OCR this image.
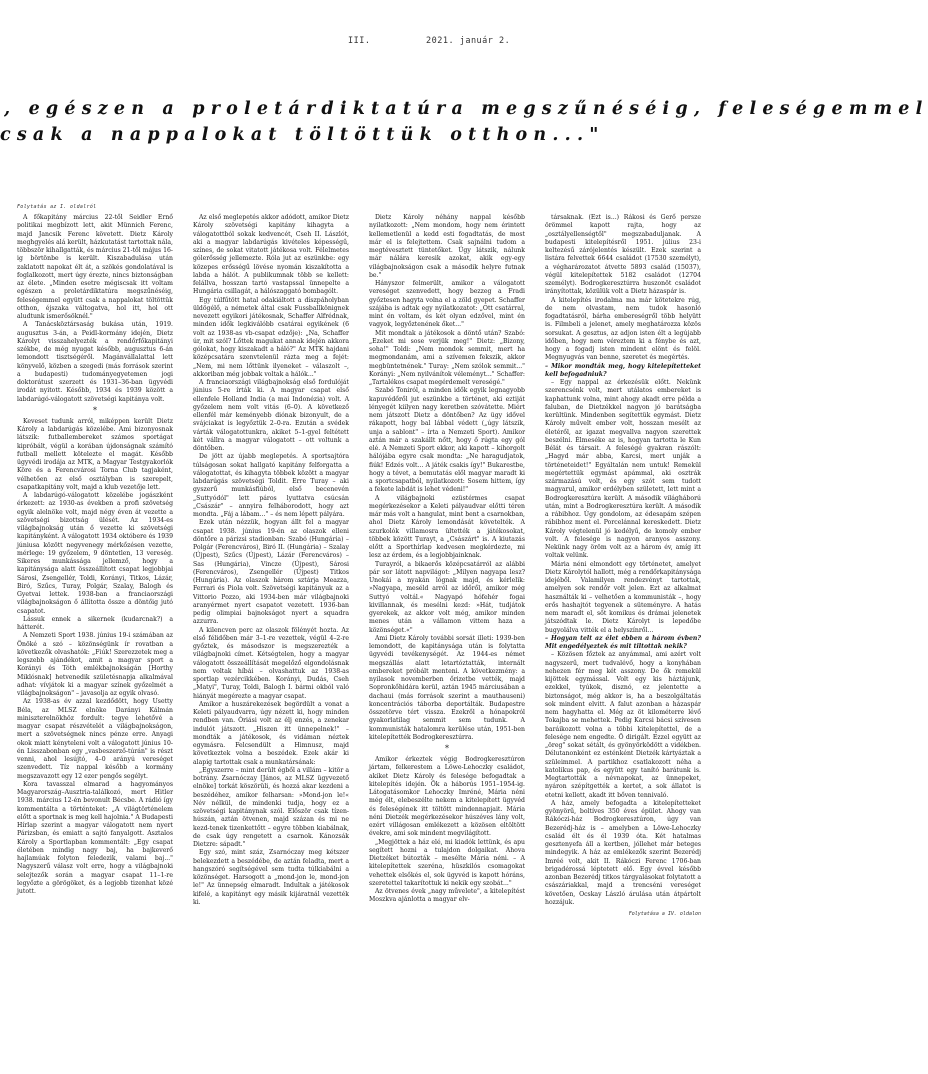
III.	2021. január 2.
, egészen a proletárdiktatúra megszűnéséig, feleségemmel
csak a nappalokat töltöttük otthon..."
Folytatás az I. oldalról

A főkapitány március 22-től Seidler Ernő politikai megbízott lett, akit Münnich Ferenc, majd Jancsik Ferenc követett. Dietz Károly meghgyelés alá került, házkutatást tartottak nála, többször kihallgatták, és március 21-től május 16-ig börtönbe is került. Kiszabadulása után zaklatott napokat élt át, a szökés gondolatával is foglalkozott, mert úgy érezte, nincs biztonságban az élete. „Minden esetre mégiscsak itt voltam egészen a proletárdiktatúra megszűnéséig, feleségemmel együtt csak a nappalokat töltöttük otthon, éjszaka váltogatva, hol itt, hol ott aludtunk ismerősöknél."

A Tanácsköztársaság bukása után, 1919. augusztus 3-án, a Peidl-kormány idején, Dietz Károlyt visszahelyezték a rendőrfőkapitányi székbe, de még nyugat később, augusztus 6-án lemondott tisztségéről. Magánvállalattal lett könyvelő, közben a szegedi (más források szerint a budapesti) tudományegyetemen jogi doktorátust szerzett és 1931–36-ban ügyvédi irodát nyitott. Később, 1934 és 1939 között a labdarúgó-válogatott szövetségi kapitánya volt.

*

Keveset tudunk arról, miképpen került Dietz Károly a labdarúgás közelébe. Ami bizonyosnak látszik: futballembereket számos sportágat kipróbált, végül a korában újdonságnak számító futball mellett kötelezte el magát. Később ügyvédi irodája az MTK, a Magyar Testgyakorlók Köre és a Ferencvárosi Torna Club tagjaként, vélhetően az első osztályban is szerepelt, csapatkapitány volt, majd a klub vezetője lett.

A labdarúgó-válogatott közelébe jogászként érkezett: az 1930-as években a profi szövetség egyik alelnöke volt, majd négy éven át vezette a szövetségi bizottság ülését. Az 1934-es világbajnokság után ő vezette ki szövetségi kapitányként. A válogatott 1934 októbere és 1939 júniusa között negyvenegy mérkőzésen vezette, mérlege: 19 győzelem, 9 döntetlen, 13 vereség. Sikeres munkássága jellemző, hogy a kapitánysága alatt összeállított csapat legjobbjai Sárosi, Zsengellér, Toldi, Korányi, Titkos, Lázár, Biró, Szűcs, Turay, Polgár, Szalay, Balogh és Gyetvai lettek. 1938-ban a franciaországi világbajnokságon ő állította össze a döntőig jutó csapatot.

Lássuk ennek a sikernek (kudarcnak?) a hátterét.

A Nemzeti Sport 1938. június 19-i számában az Önöké a szó – közönségünk ír rovatban a következők olvashatók: „Fiúk! Szerezzetek meg a legszebb ajándékot, amit a magyar sport a Korányi és Tóth emlékbajnokságán [Horthy Miklósnak] hetvenedik születésnapja alkalmával adhat: vívjátok ki a magyar színek győzelmét a világbajnokságon" – javasolja az egyik olvasó.

Az 1938-as év azzal kezdődött, hogy Usetty Béla, az MLSZ elnöke Darányi Kálmán miniszterelnökhöz fordult: tegye lehetővé a magyar csapat részvételét a világbajnokságon, mert a szövetségnek nincs pénze erre. Anyagi okok miatt kényteleni volt a válogatott június 10-én Lisszabonban egy „vasbeszerző-túrán" is részt venni, ahol lesújtó, 4–0 arányú vereséget szenvedett. Tíz nappal később a kormány megszavazott egy 12 ezer pengős segélyt.

Kora tavasszal elmarad a hagyományos Magyarország–Ausztria-találkozó, mert Hitler 1938. március 12-én bevonult Bécsbe. A rádió így kommentálta a történteket: „A világtörténelem előtt a sportnak is meg kell hajolnia." A Budapesti Hírlap szerint a magyar válogatott nem nyert Párizsban, és emiatt a sajtó fanyalgott. Asztalos Károly a Sportlapban kommentált: „Egy csapat életében mindig nagy baj, ha bajkeverő hajlamúak folyton feledezik, valami baj..." Nagyszerű válasz volt erre, hogy a világbajnoki selejtezők során a magyar csapat 11–1-re legyőzte a görögöket, és a legjobb tizenhat közé jutott.

Az első meglepetés akkor adódott, amikor Dietz Károly szövetségi kapitány kihagyta a válogatottból sokak kedvencét, Cseh II. Lászlót, aki a magyar labdarúgás kivételes képességű, színes, de sokat vitatott játékosa volt. Félelmetes gólerősség jellemezte. Róla jut az eszünkbe: egy közepes erősségű lövése nyomán kiszakította a labda a hálót. A publikumnak több se kellett: felállva, hosszan tartó vastapssal ünnepelte a Hungária csillagát, a hálószaggató bombagólt.

Egy túlfűtött hatal odakiáltott a díszpáholyban üldögélő, a németek által csak Fussballkönignek nevezett egyikori játékosnak, Schaffer Alfrédnak, minden idők legkiválóbb csatárai egyikének (6 volt az 1938-as vb-csapat edzője): „Na, Schaffer úr, mit szól? Lőttek magukat annak idején akkora gólokat, hogy kiszakadt a háló?" Az MTK hajdani középcsatára szenvtelenül rázta meg a fejét: „Nem, mi nem lőttünk ilyeneket – válaszolt –, akkoriban még jobbak voltak a hálók..."

A franciaországi világbajnokság első fordulóját június 5-re írták ki. A magyar csapat első ellenfele Holland India (a mai Indonézia) volt. A győzelem nem volt vitás (6–0). A következő ellenfél már keményebb diónak bizonyult, de a svájciakat is legyőztük 2–0-ra. Ezután a svédek várták válogatottunkra, akiket 5–1-gyel feltétett két vállra a magyar válogatott – ott voltunk a döntőben.

De jött az újabb meglepetés. A sportsajtóra túlságosan sokat hallgató kapitány felforgatta a válogatottat, és kihagyta többek között a magyar labdarúgás szövetségi Toldit. Erre Turay – aki gyszerű munkásfiúból, első becenevén „Suttyódól" lett páros lyuttatva csúcsán „Császár" – annyira felháborodott, hogy azt mondta. „Fáj a lábam..." – és nem lépett pályára.

Ezek után nézzük, hogyan állt fel a magyar csapat 1938. június 19-én az olaszok elleni döntőre a párizsi stadionban: Szabó (Hungária) – Polgár (Ferencváros), Biró II. (Hungária) – Szalay (Újpest), Szűcs (Újpest), Lázár (Ferencváros) – Sas (Hungária), Vincze (Újpest), Sárosi (Ferencváros), Zsengellér (Újpest) Titkos (Hungária). Az olaszok három sztárja Meazza, Ferrari és Piola volt. Szövetségi kapitányuk az a Vittorio Pozzo, aki 1934-ben már világbajnoki aranyérmet nyert csapatot vezetett. 1936-ban pedig olimpiai bajnokságot nyert a squadra azzurra.

A kilencven perc az olaszok fölényét hozta. Az első félidőben már 3–1-re vezettek, végül 4–2-re győztek, és másodszor is megszerezték a világbajnoki címet. Kétségtelen, hogy a magyar válogatott összeállítását megelőző elgondolásnak nem voltak híbái – olvashattuk az 1938-as sportlap vezércikkében. Korányi, Dudás, Cseh „Matyi", Turay, Toldi, Balogh I. bármi okból való hiányát megérezte a magyar csapat.

Amikor a huszárekezések begördült a vonat a Keleti pályaudvarra, úgy nézett ki, hogy minden rendben van. Óriási volt az élj enzés, a zenekar indulót játszott. „Hiszen itt ünnepelnek!" – mondták a játékosok, és vidáman néztek egymásra. Felcsendült a Himnusz, majd következtek volna a beszédek. Ezek akár ki alapig tartottak csak a munkatársának:

„Egyszerre – mint derült égből a villám – kitör a botrány. Zsarnóczay [János, az MLSZ ügyvezető elnöke] torkát köszörüli, és hozzá akar kezdeni a beszédéhez, amikor felharsan: »Mond-jon le!« Név nélkül, de mindenki tudja, hogy ez a szövetségi kapitánynak szól. Először csak tízen-húszán, aztán ötvenen, majd százan és mi ne kezd-tenek tizenkettőtt – egyre többen kiabálnak, de csak úgy rengetett a csarnok. Kánozsák Dietzre: sápadt."

Egy szó, mint száz, Zsarnóczay meg kétszer belekezdett a beszédébe, de aztán feladta, mert a hangszóró segítségével sem tudta túlkiabálni a közönséget. Harsogott a „mond-jon le, mond-jon le!" Az ünnepség elmaradt. Indultak a játékosok kifelé, a kapitányt egy másik kijáratnál vezették ki.

Dietz Károly néhány nappal később nyilatkozott: „Nem mondom, hogy nem érintett kellemetlenül a kedd esti fogadtatás, de most már el is felejtettem. Csak sajnálni tudom a megtévesztett tüntetőket. Úgy látszik, nálunk már nálára keresik azokat, akik egy-egy világbajnokságon csak a második helyre futnak be."

Hányszor felmerült, amikor a válogatott vereséget szenvedett, hogy bezzeg a Fradi győztesen hagyta volna el a zöld gyepet. Schaffer szájába is adtak egy nyilatkozatot: „Ott csatárral, mint én voltam, és két olyan edzővel, mint én vagyok, legyőztenének őket..."

Mit mondtak a játékosok a döntő után? Szabó: „Ezeket mi sose verjük meg!" Dietz: „Bizony, soha!" Toldi: „Nem mondok semmit, mert ha megmondanám, ami a szívemen fekszik, akkor megbüntetnének." Turay: „Nem szólok semmit..." Korányi: „Nem nyilvánítok véleményt..." Schaffer: „Tartalékos csapat megérdemelt vereségé."

Szabó Toniról, a minden idők egyik legnagyobb kapuvédőről jut eszünkbe a történet, aki eztiját lényegét kiilyen nagy keretben szóvátette. Miért nem játszott Dietz a döntőben? Az ügy idővel rákapott, hogy bal lábbal védett („úgy látszik, unja a sablont" – írta a Nemzeti Sport). Amikor aztán már a szakállt nőtt, hogy ő rúgta egy gól elé. A Nemzeti Sport ekkor, aki kapott – kihorgolt hálójába egyre csak mondta: „Ne haragudjatok, fiúk! Edzés volt... A játék csakis így!" Bukarestbe, hogy a tévet, a bemutatás elől magyar maradt ki a sportcsapatból, nyilatkozott: Sosem hittem, így a fekete labdát is lehet védeni!"

A világbajnoki ezüstérmes csapat megérkezésekor a Keleti pályaudvar előtti téren már más volt a hangulat, mint bent a csarnokban, ahol Dietz Károly lemondását követelték. A szurkolók villamosra ültették a játékosokat, többek között Turayt, a „Császárt" is. A kiutazás előtt a Sporthírlap kedvesen megkérdezte, mi lesz az érdem, és a legjobbjainknak.

Turayról, a bikaerős középcsatárról az alábbi pár sor látott napvilágot: „Milyen nagyapa lesz? Unokái a nyakán lógnak majd, és kérlelik: »Nagyapa, meséld arról az időről, amikor még Suttyó voltál.« Nagyapó hófehér fogai kivillannak, és mesélni kezd: »Hát, tudjátok gyerekek, az akkor volt még, amikor minden menes után a vállamon vittem haza a közönséget.«"

Ami Dietz Károly további sorsát illeti: 1939-ben lemondott, de kapitánysága után is folytatta ügyvédi tevékenységét. Az 1944-es német megszállás alatt letartóztatták, internált embereket próbált menteni. A következmény: a nyilasok novemberben őrizetbe vették, majd Sopronkőhidára kerül, aztán 1945 márciusában a dachaui (más források szerint a mauthauseni) koncentrációs táborba deportálták. Budapestre összetörve tért vissza. Ezekről a hónapokról gyakorlatilag semmit sem tudunk. A kommunisták hatalomra kerülése után, 1951-ben kitelepítették Bodrogkeresztúrra.

*

Amikor érkeztek végig Bodrogkeresztúron jártam, felkerestem a Löwe-Lehoczky családot, akiket Dietz Károly és felesége befogadtak a kitelepítés idején. Ők a háborús 1951–1954-ig. Látogatásomkor Lehoczky Imréné, Mária néni még élt, elebeszélte nekem a kitelepített ügyvéd és feleségének itt töltött mindennapjait. Mária néni Dietzék megérkezésekor húszéves lány volt, ezért villágosan emlékezett a közösen eltöltött évekre, ami sok mindent megvilágított.

„Megjöttek a ház elé, mi kiadók lettünk, és apu segített hozni a tulajdon dolgaikat. Ahova Dietzéket bútozták – mesélte Mária néni. – A kitelepítettek szeréna, hüszkilós csomagokat vehettek elsőkés el, sok ügyvéd is kapott hóráns, szeretettel takarítottuk ki nekik egy szobát..."

Az ötvenes évek „nagy művelete", a kitelepítést Moszkva ajánlotta a magyar elv-

társaknak. (Ezt is...) Rákosi és Gerő persze örömmel kapott rajta, hogy az „osztályellenségtől" megszabaduljanak. A budapesti kitelepítésről 1951. július 23-i keltezésű zárójelentés készült. Ezek szerint a listára felvettek 6644 családot (17530 személyt), a végharározatot átvette 5893 család (15037), végül kitelepítettek 5182 családot (12704 személyt). Bodrogkeresztúrra huszonöt családot irányítottak, közülük volt a Dietz házaspár is.

A kitelepítés irodalma ma már kötetekre rúg, de nem olvastam, nem tudok hasonló fogadtatásról, bárha embereségről több helyütt is. Filmbeli a jelenet, amely meghatározza közös sorsukat. A gesztus, az adjon isten élt a legújabb időben, hogy nem véreztem ki a fénybe és azt, hogy a fogadj isten mindent elönt és felöl. Megnyugvás van benne, szeretet és megértés.

– Mikor mondták meg, hogy kitelepítetteket kell befogadniuk?

– Egy nappal az érkezésük előtt. Nekünk szerencsénk volt, mert utálatos embereket is kaphattunk volna, mint ahogy akadt erre példa a faluban, de Dietzékkel nagyon jó barátságba kerültünk. Mindenben segítettük egymást. Dietz Károly művelt ember volt, hosszan mesélt az életéről, az igazat megvallva nagyon szerettek beszélni. Élmeséke az is, hogyan tartotta le Kun Bélát és társait. A feleségé gyakran rászólt: „Hagyd már abba, Karcsi, mert unják a történeteidet!" Egyáltalán nem untuk! Remekül megértettük egymást apámmal, aki osztrák származású volt, és egy szót sem tudott magyarul, amikor erdélyben született, lett mint a Bodrogkeresztúra került. A második világháború után, mint a Bodrogkeresztúra került. A második a rábibhoz. Úgy gondolom, az édesapám szépen rábibhoz ment el. Porcelánnal kereskedett. Dietz Károly végtelenül jó kedélyű, de komoly ember volt. A felesége is nagyon aranyos asszony. Nekünk nagy öröm volt az a három év, amíg itt voltak velünk.

Mária néni elmondott egy történetet, amelyet Dietz Károlytól hallott, még a rendőrkapitánysága idejéből. Valamilyen rendezvényt tartottak, amelyen sok rendőr volt jelen. Ezt az alkalmat használták ki – velhetően a kommunisták –, hogy erős hashajtót tegyenek a süteményre. A hatás nem maradt el, sőt komikus és drámai jelenetek játszódtak le. Dietz Károlyt is lepedőbe bugyolálva vitték el a helyszínről...

– Hogyan telt az élet ebben a három évben? Mit engedélyeztek és mit tiltottak nekik?

– Közösen főztek az anyámmal, ami azért volt nagyszerű, mert tudvalévő, hogy a konyhában nehezen fér meg két asszony. De ők remekül kijöttek egymással. Volt egy kis háztájunk, ezekkel, tyúkok, disznó, ez jelentette a biztonságot, még akkor is, ha a beszolgáltatás sok mindent elvitt. A falut azonban a házaspár nem hagyhatta el. Még az öt kilométerre lévő Tokajba se mehettek. Pedig Karcsi bácsi szívesen baráikozott volna a többi kitelepítettel, de a felesége nem engedte. Ő dirigált. Ezzel együtt az „öreg" sokat sétált, és gyönyörködött a vidékben. Délutanonként ez esténként Dietzék kártyáztak a szüleimmel. A partikhoz csatlakozott néha a katolikus pap, és együtt egy tanító barátunk is. Megtartották a névnapokat, az ünnepeket, nyáron szépítgették a kertet, a sok állatot is etetni kellett, akadt itt bőven tennivaló.

A ház, amely befogadta a kitelepítetteket gyönyörű, boltíves 350 éves épület. Ahogy van Rákóczi-ház Bodrogkeresztúron, úgy van Bezerédj-ház is – amelyben a Löwe-Lehoczky család élt és él 1939 óta. Két hatalmas gesztenyefa áll a kertben, jóllehet már beteges mindegyik. A ház az emlékezők szerint Bezerédj Imréé volt, akit II. Rákóczi Ferenc 1706-ban brigadérossá léptetett elő. Egy évvel később azonban Bezerédj titkos tárgyalásokat folytatott a császáriakkal, majd a trencséni vereséget követően, Ocskay László árulása után átpártolt hozzájuk.

Folytatása a IV. oldalon
